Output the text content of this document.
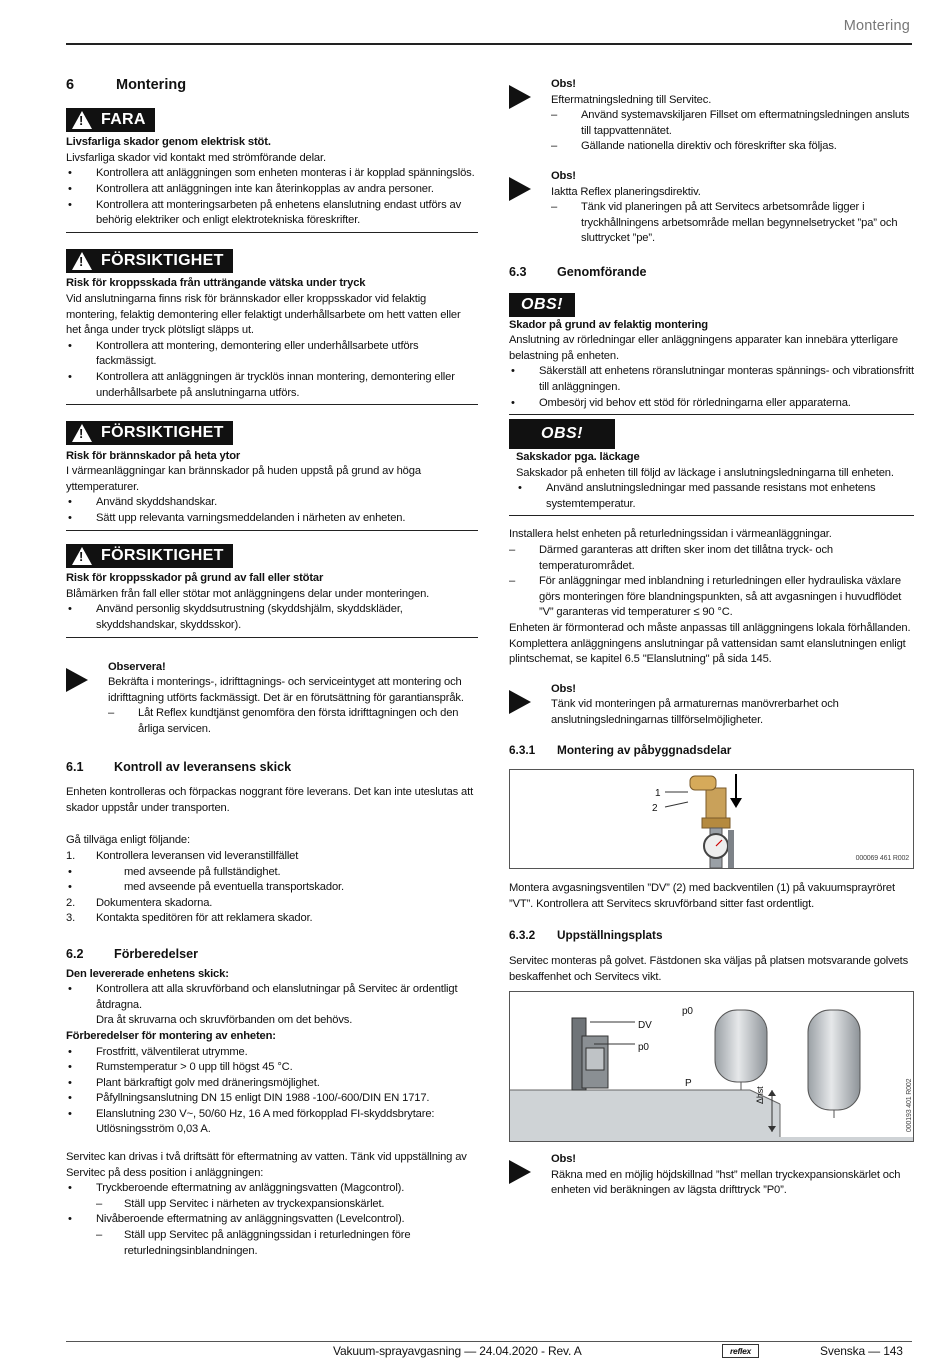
Montering
6	Montering
!
FARA
Livsfarliga skador genom elektrisk stöt.
Livsfarliga skador vid kontakt med strömförande delar.
• Kontrollera att anläggningen som enheten monteras i är kopplad spänningslös.
• Kontrollera att anläggningen inte kan återinkopplas av andra personer.
• Kontrollera att monteringsarbeten på enhetens elanslutning endast utförs av behörig elektriker och enligt elektrotekniska föreskrifter.
!
FÖRSIKTIGHET
Risk för kroppsskada från utträngande vätska under tryck
Vid anslutningarna finns risk för brännskador eller kroppsskador vid felaktig montering, felaktig demontering eller felaktigt underhållsarbete om hett vatten eller het ånga under tryck plötsligt släpps ut.
• Kontrollera att montering, demontering eller underhållsarbete utförs fackmässigt.
• Kontrollera att anläggningen är trycklös innan montering, demontering eller underhållsarbete på anslutningarna utförs.
!
FÖRSIKTIGHET
Risk för brännskador på heta ytor
I värmeanläggningar kan brännskador på huden uppstå på grund av höga yttemperaturer.
• Använd skyddshandskar.
• Sätt upp relevanta varningsmeddelanden i närheten av enheten.
!
FÖRSIKTIGHET
Risk för kroppsskador på grund av fall eller stötar
Blåmärken från fall eller stötar mot anläggningens delar under monteringen.
• Använd personlig skyddsutrustning (skyddshjälm, skyddskläder, skyddshandskar, skyddsskor).
Observera!
Bekräfta i monterings-, idrifttagnings- och serviceintyget att montering och idrifttagning utförts fackmässigt. Det är en förutsättning för garantianspråk.
– Låt Reflex kundtjänst genomföra den första idrifttagningen och den årliga servicen.
6.1	Kontroll av leveransens skick
Enheten kontrolleras och förpackas noggrant före leverans. Det kan inte uteslutas att skador uppstår under transporten.
Gå tillväga enligt följande:
1. Kontrollera leveransen vid leveranstillfället
• med avseende på fullständighet.
• med avseende på eventuella transportskador.
2. Dokumentera skadorna.
3. Kontakta speditören för att reklamera skador.
6.2	Förberedelser
Den levererade enhetens skick:
• Kontrollera att alla skruvförband och elanslutningar på Servitec är ordentligt åtdragna.
Dra åt skruvarna och skruvförbanden om det behövs.
Förberedelser för montering av enheten:
• Frostfritt, välventilerat utrymme.
• Rumstemperatur > 0 upp till högst 45 °C.
• Plant bärkraftigt golv med dräneringsmöjlighet.
• Påfyllningsanslutning DN 15 enligt DIN 1988 -100/-600/DIN EN 1717.
• Elanslutning 230 V~, 50/60 Hz, 16 A med förkopplad FI-skyddsbrytare: Utlösningsström 0,03 A.
Servitec kan drivas i två driftsätt för eftermatning av vatten. Tänk vid uppställning av Servitec på dess position i anläggningen:
• Tryckberoende eftermatning av anläggningsvatten (Magcontrol).
– Ställ upp Servitec i närheten av tryckexpansionskärlet.
• Nivåberoende eftermatning av anläggningsvatten (Levelcontrol).
– Ställ upp Servitec på anläggningssidan i returledningen före returledningsinblandningen.
Obs!
Eftermatningsledning till Servitec.
– Använd systemavskiljaren Fillset om eftermatningsledningen ansluts till tappvattennätet.
– Gällande nationella direktiv och föreskrifter ska följas.
Obs!
Iaktta Reflex planeringsdirektiv.
– Tänk vid planeringen på att Servitecs arbetsområde ligger i tryckhållningens arbetsområde mellan begynnelsetrycket ”pa” och sluttrycket ”pe”.
6.3	Genomförande
OBS!
Skador på grund av felaktig montering
Anslutning av rörledningar eller anläggningens apparater kan innebära ytterligare belastning på enheten.
• Säkerställ att enhetens röranslutningar monteras spännings- och vibrationsfritt till anläggningen.
• Ombesörj vid behov ett stöd för rörledningarna eller apparaterna.
OBS!
Sakskador pga. läckage
Sakskador på enheten till följd av läckage i anslutningsledningarna till enheten.
• Använd anslutningsledningar med passande resistans mot enhetens systemtemperatur.
Installera helst enheten på returledningssidan i värmeanläggningar.
– Därmed garanteras att driften sker inom det tillåtna tryck- och temperaturområdet.
– För anläggningar med inblandning i returledningen eller hydrauliska växlare görs monteringen före blandningspunkten, så att avgasningen i huvudflödet ”V” garanteras vid temperaturer ≤ 90 °C.
Enheten är förmonterad och måste anpassas till anläggningens lokala förhållanden. Komplettera anläggningens anslutningar på vattensidan samt elanslutningen enligt plintschemat, se kapitel 6.5 "Elanslutning" på sida 145.
Obs!
Tänk vid monteringen på armaturernas manövrerbarhet och anslutningsledningarnas tillförselmöjligheter.
6.3.1	Montering av påbyggnadsdelar
1
2
000069 461 R002
Montera avgasningsventilen ”DV” (2) med backventilen (1) på vakuumsprayröret ”VT”. Kontrollera att Servitecs skruvförband sitter fast ordentligt.
6.3.2	Uppställningsplats
Servitec monteras på golvet. Fästdonen ska väljas på platsen motsvarande golvets beskaffenhet och Servitecs vikt.
DV
p0
p0
P
Δhst	000193 401 R002
Obs!
Räkna med en möjlig höjdskillnad ”hst” mellan tryckexpansionskärlet och enheten vid beräkningen av lägsta drifttryck ”P0”.
Vakuum-sprayavgasning — 24.04.2020 - Rev. A	reflex	Svenska — 143
